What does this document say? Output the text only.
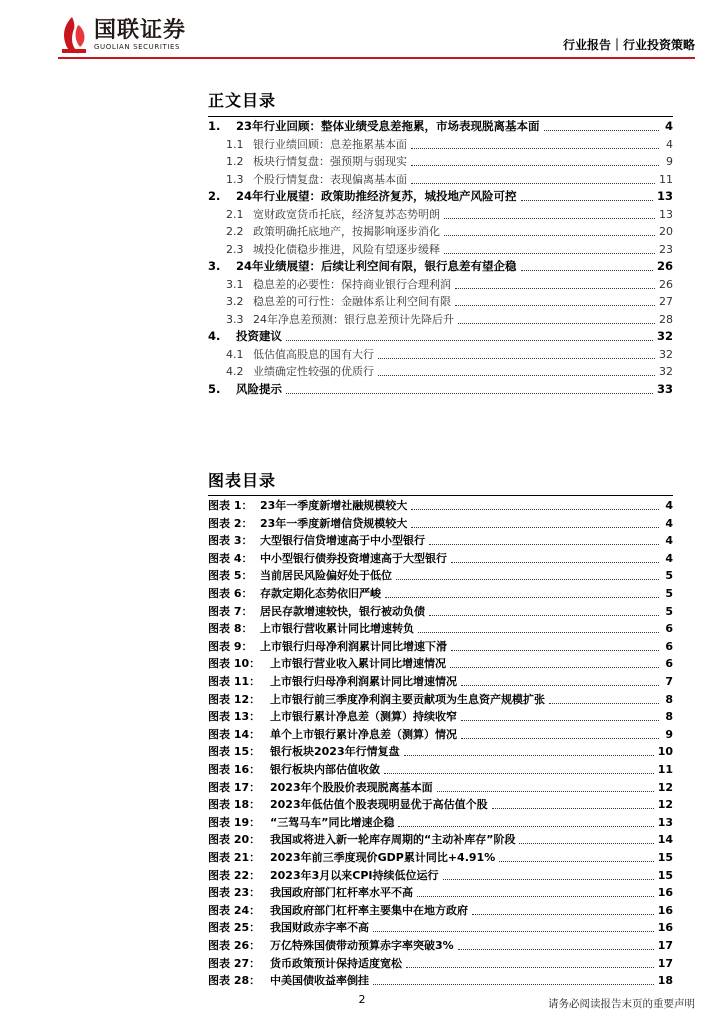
国联证券
GUOLIAN SECURITIES	行业报告｜行业投资策略
正文目录
1.	23年行业回顾：整体业绩受息差拖累，市场表现脱离基本面	4
1.1 银行业绩回顾：息差拖累基本面	4
1.2 板块行情复盘：强预期与弱现实	9
1.3 个股行情复盘：表现偏离基本面	11
2.	24年行业展望：政策助推经济复苏，城投地产风险可控	13
2.1 宽财政宽货币托底，经济复苏态势明朗	13
2.2 政策明确托底地产，按揭影响逐步消化	20
2.3 城投化债稳步推进，风险有望逐步缓释	23
3.	24年业绩展望：后续让利空间有限，银行息差有望企稳	26
3.1 稳息差的必要性：保持商业银行合理利润	26
3.2 稳息差的可行性：金融体系让利空间有限	27
3.3 24年净息差预测：银行息差预计先降后升	28
4.	投资建议	32
4.1 低估值高股息的国有大行	32
4.2 业绩确定性较强的优质行	32
5.	风险提示	33
图表目录
图表 1： 23年一季度新增社融规模较大	4
图表 2： 23年一季度新增信贷规模较大	4
图表 3： 大型银行信贷增速高于中小型银行	4
图表 4： 中小型银行债券投资增速高于大型银行	4
图表 5： 当前居民风险偏好处于低位	5
图表 6： 存款定期化态势依旧严峻	5
图表 7： 居民存款增速较快，银行被动负债	5
图表 8： 上市银行营收累计同比增速转负	6
图表 9： 上市银行归母净利润累计同比增速下滑	6
图表 10： 上市银行营业收入累计同比增速情况	6
图表 11： 上市银行归母净利润累计同比增速情况	7
图表 12： 上市银行前三季度净利润主要贡献项为生息资产规模扩张	8
图表 13： 上市银行累计净息差（测算）持续收窄	8
图表 14： 单个上市银行累计净息差（测算）情况	9
图表 15： 银行板块2023年行情复盘	10
图表 16： 银行板块内部估值收敛	11
图表 17： 2023年个股股价表现脱离基本面	12
图表 18： 2023年低估值个股表现明显优于高估值个股	12
图表 19： “三驾马车”同比增速企稳	13
图表 20： 我国或将进入新一轮库存周期的“主动补库存”阶段	14
图表 21： 2023年前三季度现价GDP累计同比+4.91%	15
图表 22： 2023年3月以来CPI持续低位运行	15
图表 23： 我国政府部门杠杆率水平不高	16
图表 24： 我国政府部门杠杆率主要集中在地方政府	16
图表 25： 我国财政赤字率不高	16
图表 26： 万亿特殊国债带动预算赤字率突破3%	17
图表 27： 货币政策预计保持适度宽松	17
图表 28： 中美国债收益率倒挂	18
2	请务必阅读报告末页的重要声明
